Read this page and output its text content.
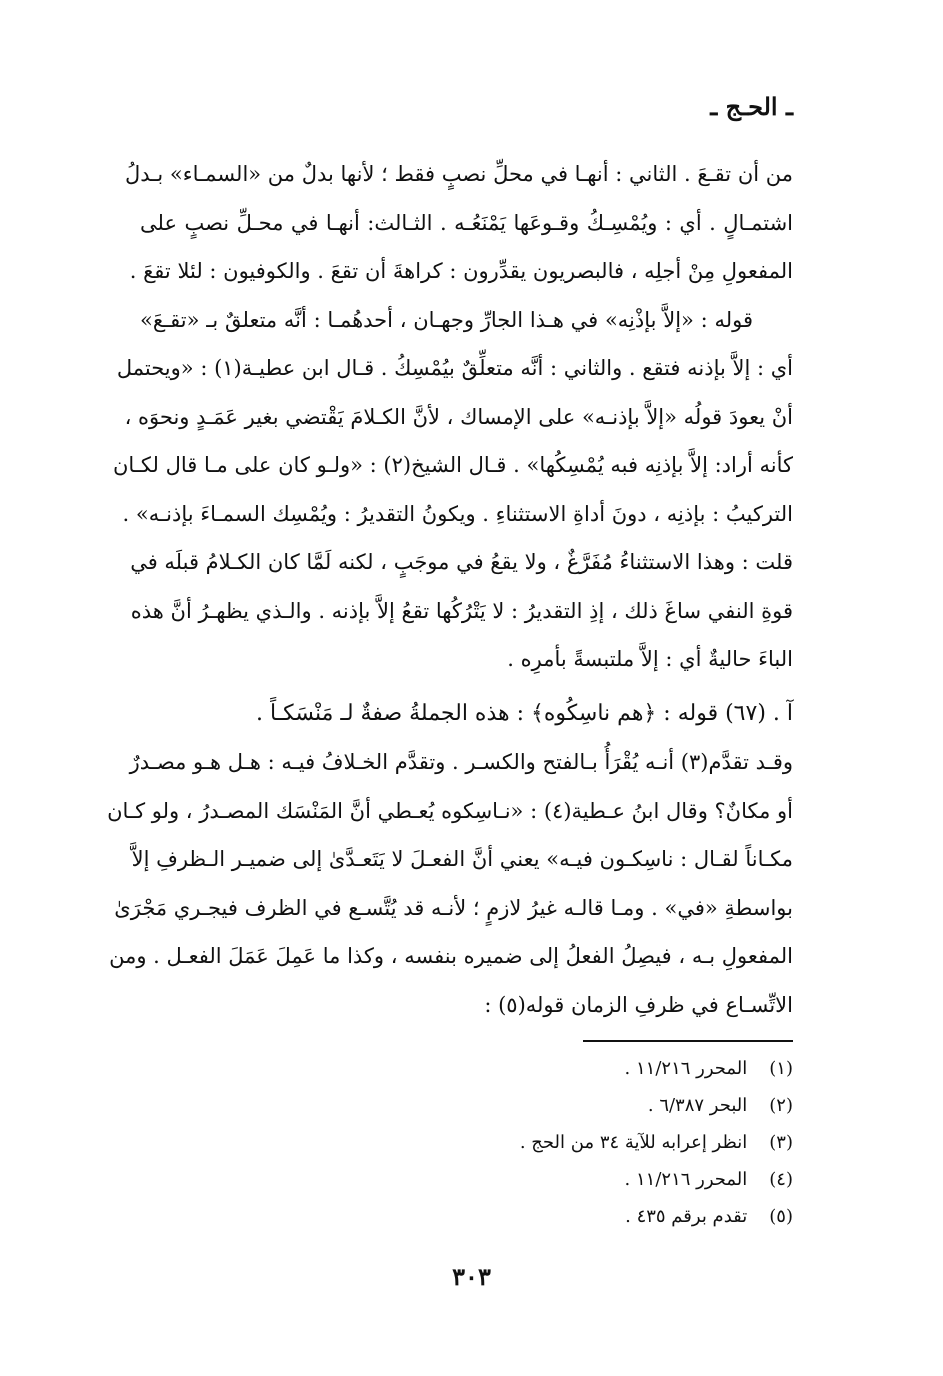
ـ الحـج ـ
من أن تقـعَ . الثاني : أنهـا في محلِّ نصبٍ فقط ؛ لأنها بدلٌ من «السمـاء» بـدلُ
اشتمـالٍ . أي : ويُمْسِـكُ وقـوعَها يَمْنَعُـه . الثـالث: أنهـا في محـلِّ نصبٍ على
المفعولِ مِنْ أجلِه ، فالبصريون يقدِّرون : كراهةَ أن تقعَ . والكوفيون : لئلا تقعَ .
قوله : «إلاَّ بإذْنِه» في هـذا الجارِّ وجهـان ، أحدهُمـا : أنَّه متعلقٌ بـ «تقـعَ»
أي : إلاَّ بإذنه فتقع . والثاني : أنَّه متعلِّقٌ بيُمْسِكُ . قـال ابن عطيـة(١) : «ويحتمل
أنْ يعودَ قولُه «إلاَّ بإذنـه» على الإمساك ، لأنَّ الكـلامَ يَقْتضي بغير عَمَـدٍ ونحوَه ،
كأنه أراد: إلاَّ بإذنِه فبه يُمْسِكُها» . قـال الشيخ(٢) : «ولـو كان على مـا قال لكـان
التركيبُ : بإذنِه ، دونَ أداةِ الاستثناءِ . ويكونُ التقديرُ : ويُمْسِك السمـاءَ بإذنـه» .
قلت : وهذا الاستثناءُ مُفَرَّغٌ ، ولا يقعُ في موجَبٍ ، لكنه لَمَّا كان الكـلامُ قبلَه في
قوةِ النفي ساغَ ذلك ، إذِ التقديرُ : لا يَتْرُكُها تقعُ إلاَّ بإذنه . والـذي يظهـرُ أنَّ هذه
الباءَ حاليةٌ أي : إلاَّ ملتبسةً بأمرِه .
آ . (٦٧) قوله : ﴿هم ناسِكُوه﴾ : هذه الجملةُ صفةٌ لـ مَنْسَكـاً .
وقـد تقدَّم(٣) أنـه يُقْرَأُ بـالفتح والكسـر . وتقدَّم الخـلافُ فيـه : هـل هـو مصـدرٌ
أو مكانٌ؟ وقال ابنُ عـطية(٤) : «نـاسِكوه يُعـطي أنَّ المَنْسَك المصـدرُ ، ولو كـان
مكـاناً لقـال : ناسِكـون فيـه» يعني أنَّ الفعـلَ لا يَتَعـدَّىٰ إلى ضميـر الـظرفِ إلاَّ
بواسطةِ «في» . ومـا قالـه غيرُ لازمٍ ؛ لأنـه قد يُتَّسـع في الظرف فيجـري مَجْرَىٰ
المفعولِ بـه ، فيصِلُ الفعلُ إلى ضميره بنفسه ، وكذا ما عَمِلَ عَمَلَ الفعـل . ومن
الاتِّسـاع في ظرفِ الزمان قوله(٥) :
(١) المحرر ١١/٢١٦ .
(٢) البحر ٦/٣٨٧ .
(٣) انظر إعرابه للآية ٣٤ من الحج .
(٤) المحرر ١١/٢١٦ .
(٥) تقدم برقم ٤٣٥ .
٣٠٣
